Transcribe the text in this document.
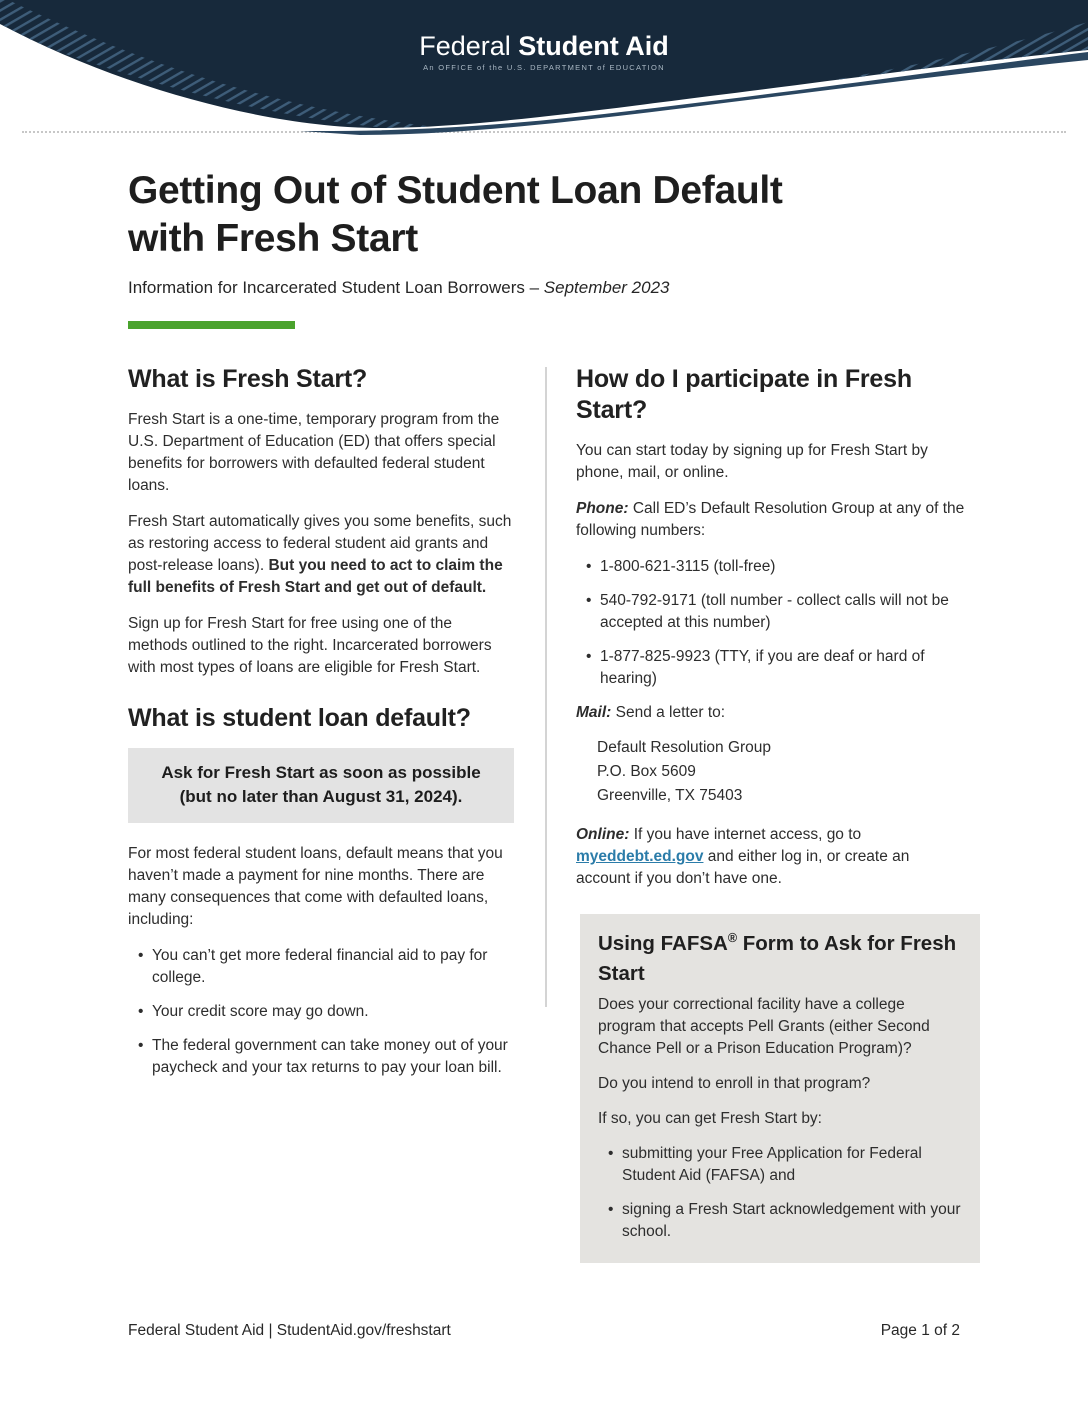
Federal Student Aid
An OFFICE of the U.S. DEPARTMENT of EDUCATION
Getting Out of Student Loan Default
with Fresh Start
Information for Incarcerated Student Loan Borrowers – September 2023
What is Fresh Start?

Fresh Start is a one-time, temporary program from the U.S. Department of Education (ED) that offers special benefits for borrowers with defaulted federal student loans.

Fresh Start automatically gives you some benefits, such as restoring access to federal student aid grants and post-release loans). But you need to act to claim the full benefits of Fresh Start and get out of default.

Sign up for Fresh Start for free using one of the methods outlined to the right. Incarcerated borrowers with most types of loans are eligible for Fresh Start.

What is student loan default?
Ask for Fresh Start as soon as possible
(but no later than August 31, 2024).

For most federal student loans, default means that you haven’t made a payment for nine months. There are many consequences that come with defaulted loans, including:

• You can’t get more federal financial aid to pay for college.
• Your credit score may go down.
• The federal government can take money out of your paycheck and your tax returns to pay your loan bill.
How do I participate in Fresh Start?

You can start today by signing up for Fresh Start by phone, mail, or online.

Phone: Call ED’s Default Resolution Group at any of the following numbers:

• 1-800-621-3115 (toll-free)
• 540-792-9171 (toll number - collect calls will not be accepted at this number)
• 1-877-825-9923 (TTY, if you are deaf or hard of hearing)

Mail: Send a letter to:

Default Resolution Group
P.O. Box 5609
Greenville, TX 75403

Online: If you have internet access, go to myeddebt.ed.gov and either log in, or create an account if you don’t have one.

Using FAFSA® Form to Ask for Fresh Start

Does your correctional facility have a college program that accepts Pell Grants (either Second Chance Pell or a Prison Education Program)?

Do you intend to enroll in that program?

If so, you can get Fresh Start by:

• submitting your Free Application for Federal Student Aid (FAFSA) and
• signing a Fresh Start acknowledgement with your school.
Federal Student Aid | StudentAid.gov/freshstart	Page 1 of 2
